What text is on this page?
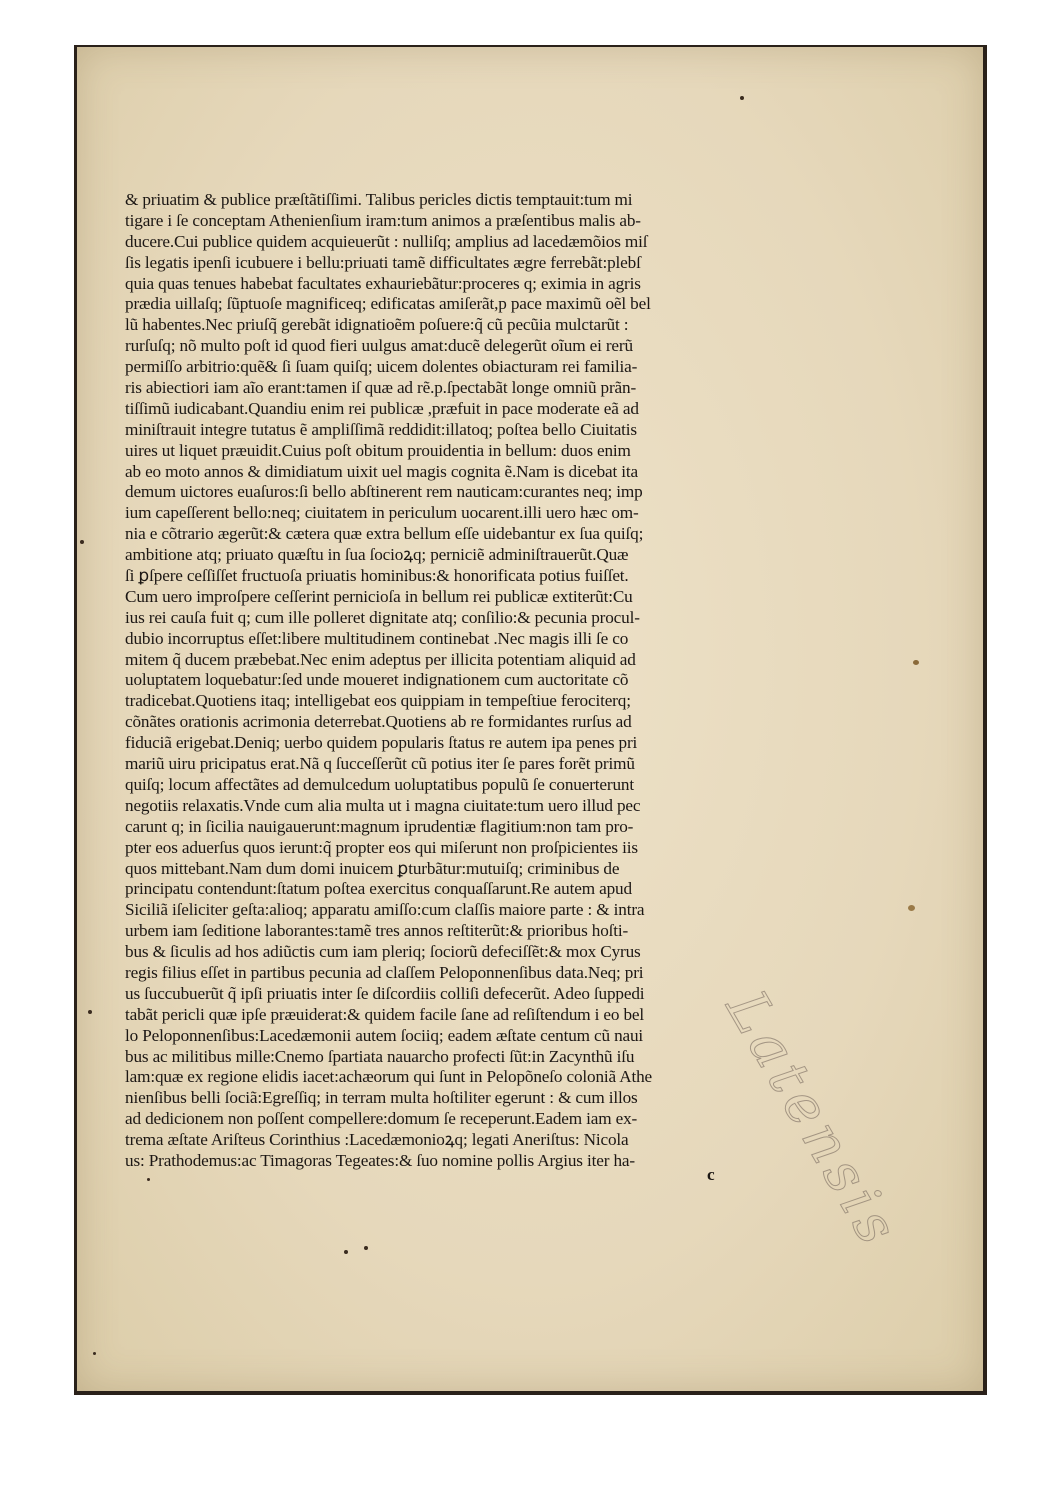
& priuatim & publice præſtãtiſſimi. Talibus pericles dictis temptauit:tum mi
tigare i ſe conceptam Athenienſium iram:tum animos a præſentibus malis ab-
ducere.Cui publice quidem acquieuerũt : nulliſq; amplius ad lacedæmõios miſ
ſis legatis ipenſi icubuere i bellu:priuati tamẽ difficultates ægre ferrebãt:plebſ
quia quas tenues habebat facultates exhauriebãtur:proceres q; eximia in agris
prædia uillaſq; ſũptuoſe magnificeq; edificatas amiſerãt,p pace maximũ oẽl bel
lũ habentes.Nec priuſq̃ gerebãt idignatioẽm poſuere:q̃ cũ pecũia mulctarũt :
rurſuſq; nõ multo poſt id quod fieri uulgus amat:ducẽ delegerũt oĩum ei rerũ
permiſſo arbitrio:quẽ& ſi ſuam quiſq; uicem dolentes obiacturam rei familia-
ris abiectiori iam aĩo erant:tamen iſ quæ ad rẽ.p.ſpectabãt longe omniũ prãn-
tiſſimũ iudicabant.Quandiu enim rei publicæ ,præfuit in pace moderate eã ad
miniſtrauit integre tutatus ẽ ampliſſimã reddidit:illatoq; poſtea bello Ciuitatis
uires ut liquet præuidit.Cuius poſt obitum prouidentia in bellum: duos enim
ab eo moto annos & dimidiatum uixit uel magis cognita ẽ.Nam is dicebat ita
demum uictores euaſuros:ſi bello abſtinerent rem nauticam:curantes neq; imp
ium capeſſerent bello:neq; ciuitatem in periculum uocarent.illi uero hæc om-
nia e cõtrario ægerũt:& cætera quæ extra bellum eſſe uidebantur ex ſua quiſq;
ambitione atq; priuato quæſtu in ſua ſocioꝝq; perniciẽ adminiſtrauerũt.Quæ
ſi ꝑſpere ceſſiſſet fructuoſa priuatis hominibus:& honorificata potius fuiſſet.
Cum uero improſpere ceſſerint pernicioſa in bellum rei publicæ extiterũt:Cu
ius rei cauſa fuit q; cum ille polleret dignitate atq; conſilio:& pecunia procul-
dubio incorruptus eſſet:libere multitudinem continebat .Nec magis illi ſe co
mitem q̃ ducem præbebat.Nec enim adeptus per illicita potentiam aliquid ad
uoluptatem loquebatur:ſed unde moueret indignationem cum auctoritate cõ
tradicebat.Quotiens itaq; intelligebat eos quippiam in tempeſtiue ferociterq;
cõnãtes orationis acrimonia deterrebat.Quotiens ab re formidantes rurſus ad
fiduciã erigebat.Deniq; uerbo quidem popularis ſtatus re autem ipa penes pri
mariũ uiru pricipatus erat.Nã q ſucceſſerũt cũ potius iter ſe pares forẽt primũ
quiſq; locum affectãtes ad demulcedum uoluptatibus populũ ſe conuerterunt
negotiis relaxatis.Vnde cum alia multa ut i magna ciuitate:tum uero illud pec
carunt q; in ſicilia nauigauerunt:magnum iprudentiæ flagitium:non tam pro-
pter eos aduerſus quos ierunt:q̃ propter eos qui miſerunt non proſpicientes iis
quos mittebant.Nam dum domi inuicem ꝑturbãtur:mutuiſq; criminibus de
principatu contendunt:ſtatum poſtea exercitus conquaſſarunt.Re autem apud
Siciliã iſeliciter geſta:alioq; apparatu amiſſo:cum claſſis maiore parte : & intra
urbem iam ſeditione laborantes:tamẽ tres annos reſtiterũt:& prioribus hoſti-
bus & ſiculis ad hos adiũctis cum iam pleriq; ſociorũ defeciſſẽt:& mox Cyrus
regis filius eſſet in partibus pecunia ad claſſem Peloponnenſibus data.Neq; pri
us ſuccubuerũt q̃ ipſi priuatis inter ſe diſcordiis colliſi defecerũt. Adeo ſuppedi
tabãt pericli quæ ipſe præuiderat:& quidem facile ſane ad reſiſtendum i eo bel
lo Peloponnenſibus:Lacedæmonii autem ſociiq; eadem æſtate centum cũ naui
bus ac militibus mille:Cnemo ſpartiata nauarcho profecti ſũt:in Zacynthũ iſu
lam:quæ ex regione elidis iacet:achæorum qui ſunt in Pelopõneſo coloniã Athe
nienſibus belli ſociã:Egreſſiq; in terram multa hoſtiliter egerunt : & cum illos
ad dedicionem non poſſent compellere:domum ſe receperunt.Eadem iam ex-
trema æſtate Ariſteus Corinthius :Lacedæmonioꝝq; legati Aneriſtus: Nicola
us: Prathodemus:ac Timagoras Tegeates:& ſuo nomine pollis Argius iter ha-	Latensis
c
